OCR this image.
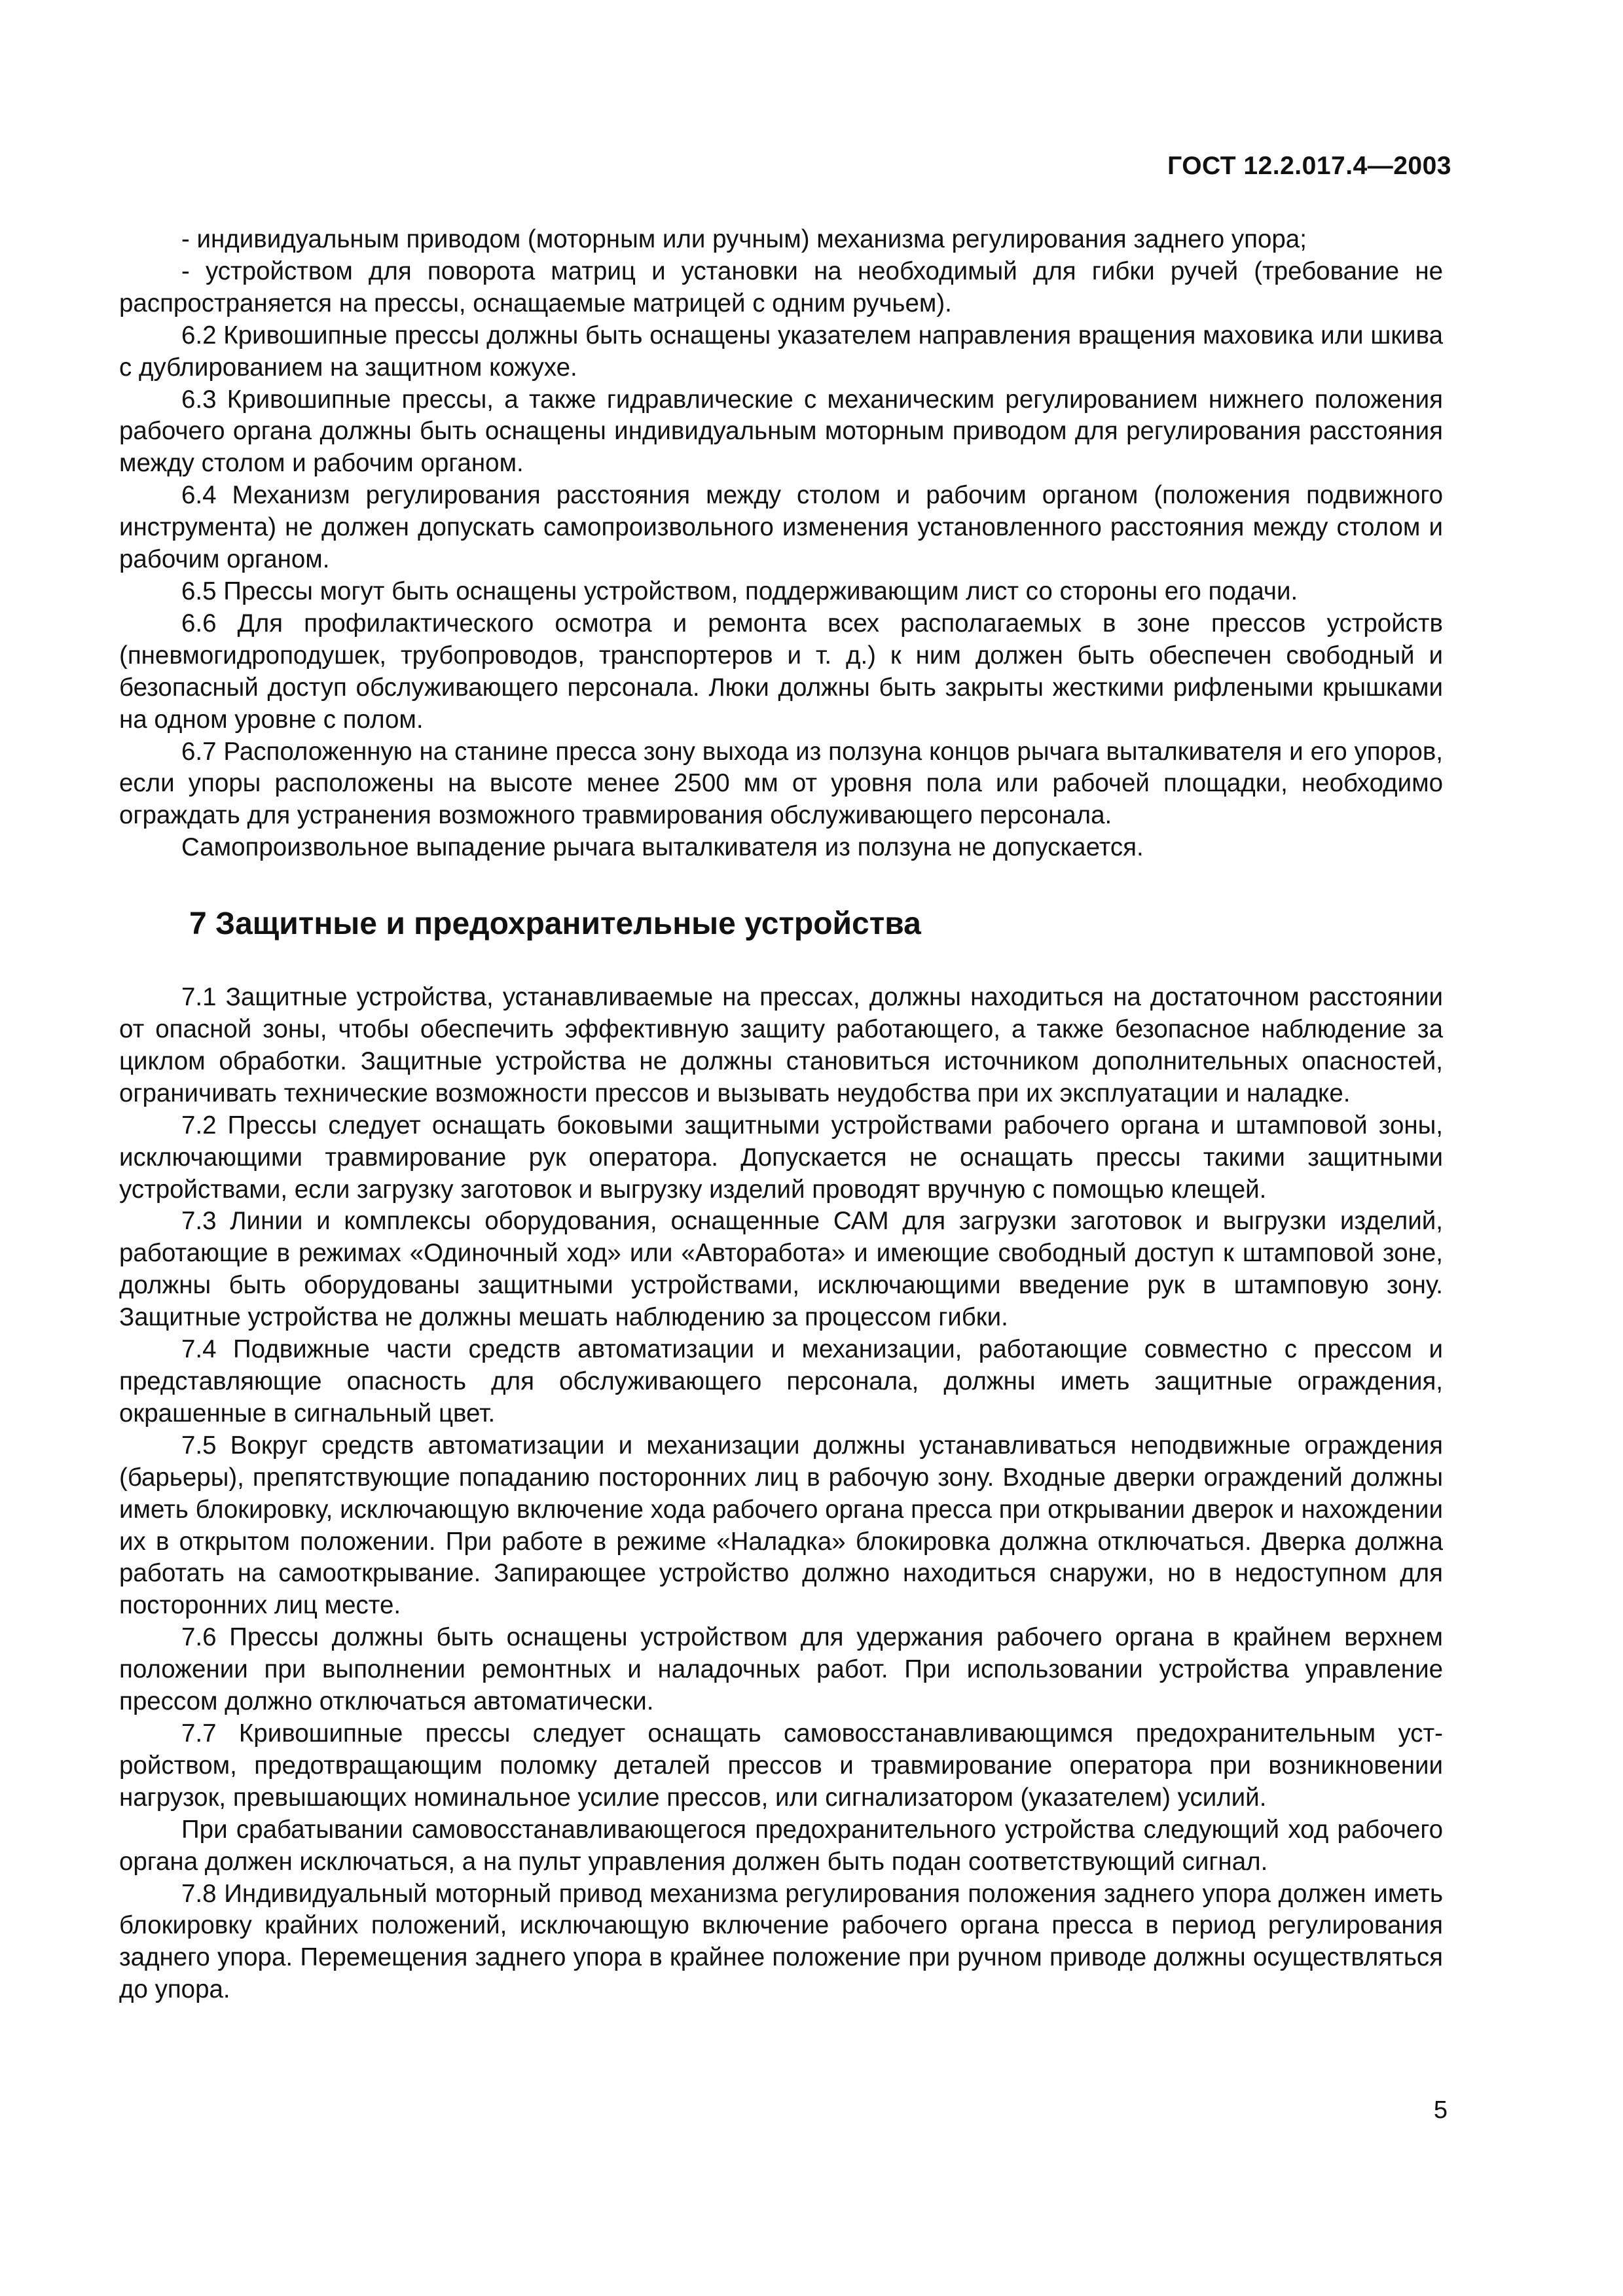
ГОСТ 12.2.017.4—2003

- индивидуальным приводом (моторным или ручным) механизма регулирования заднего упора;

- устройством для поворота матриц и установки на необходимый для гибки ручей (требование не распространяется на прессы, оснащаемые матрицей с одним ручьем).

6.2 Кривошипные прессы должны быть оснащены указателем направления вращения маховика или шкива с дублированием на защитном кожухе.

6.3 Кривошипные прессы, а также гидравлические с механическим регулированием нижнего положения рабочего органа должны быть оснащены индивидуальным моторным приводом для регулирования расстояния между столом и рабочим органом.

6.4 Механизм регулирования расстояния между столом и рабочим органом (положения подвижного инструмента) не должен допускать самопроизвольного изменения установленного расстояния между столом и рабочим органом.

6.5 Прессы могут быть оснащены устройством, поддерживающим лист со стороны его подачи.

6.6 Для профилактического осмотра и ремонта всех располагаемых в зоне прессов устройств (пневмогидроподушек, трубопроводов, транспортеров и т. д.) к ним должен быть обеспечен свободный и безопасный доступ обслуживающего персонала. Люки должны быть закрыты жесткими рифлеными крышками на одном уровне с полом.

6.7 Расположенную на станине пресса зону выхода из ползуна концов рычага выталкивателя и его упоров, если упоры расположены на высоте менее 2500 мм от уровня пола или рабочей площадки, необходимо ограждать для устранения возможного травмирования обслуживающего персонала.

Самопроизвольное выпадение рычага выталкивателя из ползуна не допускается.

7 Защитные и предохранительные устройства

7.1 Защитные устройства, устанавливаемые на прессах, должны находиться на достаточном расстоянии от опасной зоны, чтобы обеспечить эффективную защиту работающего, а также безопасное наблюдение за циклом обработки. Защитные устройства не должны становиться источником дополнительных опасностей, ограничивать технические возможности прессов и вызывать неудобства при их эксплуатации и наладке.

7.2 Прессы следует оснащать боковыми защитными устройствами рабочего органа и штамповой зоны, исключающими травмирование рук оператора. Допускается не оснащать прессы такими защитными устройствами, если загрузку заготовок и выгрузку изделий проводят вручную с помощью клещей.

7.3 Линии и комплексы оборудования, оснащенные САМ для загрузки заготовок и выгрузки изделий, работающие в режимах «Одиночный ход» или «Авторабота» и имеющие свободный доступ к штамповой зоне, должны быть оборудованы защитными устройствами, исключающими введение рук в штамповую зону. Защитные устройства не должны мешать наблюдению за процессом гибки.

7.4 Подвижные части средств автоматизации и механизации, работающие совместно с прессом и представляющие опасность для обслуживающего персонала, должны иметь защитные ограждения, окрашенные в сигнальный цвет.

7.5 Вокруг средств автоматизации и механизации должны устанавливаться неподвижные ограждения (барьеры), препятствующие попаданию посторонних лиц в рабочую зону. Входные дверки ограждений должны иметь блокировку, исключающую включение хода рабочего органа пресса при открывании дверок и нахождении их в открытом положении. При работе в режиме «Наладка» блокировка должна отключаться. Дверка должна работать на самооткрывание. Запирающее устройство должно находиться снаружи, но в недоступном для посторонних лиц месте.

7.6 Прессы должны быть оснащены устройством для удержания рабочего органа в крайнем верхнем положении при выполнении ремонтных и наладочных работ. При использовании устройства управление прессом должно отключаться автоматически.

7.7 Кривошипные прессы следует оснащать самовосстанавливающимся предохранительным устройством, предотвращающим поломку деталей прессов и травмирование оператора при возникновении нагрузок, превышающих номинальное усилие прессов, или сигнализатором (указателем) усилий.

При срабатывании самовосстанавливающегося предохранительного устройства следующий ход рабочего органа должен исключаться, а на пульт управления должен быть подан соответствующий сигнал.

7.8 Индивидуальный моторный привод механизма регулирования положения заднего упора должен иметь блокировку крайних положений, исключающую включение рабочего органа пресса в период регулирования заднего упора. Перемещения заднего упора в крайнее положение при ручном приводе должны осуществляться до упора.

5
